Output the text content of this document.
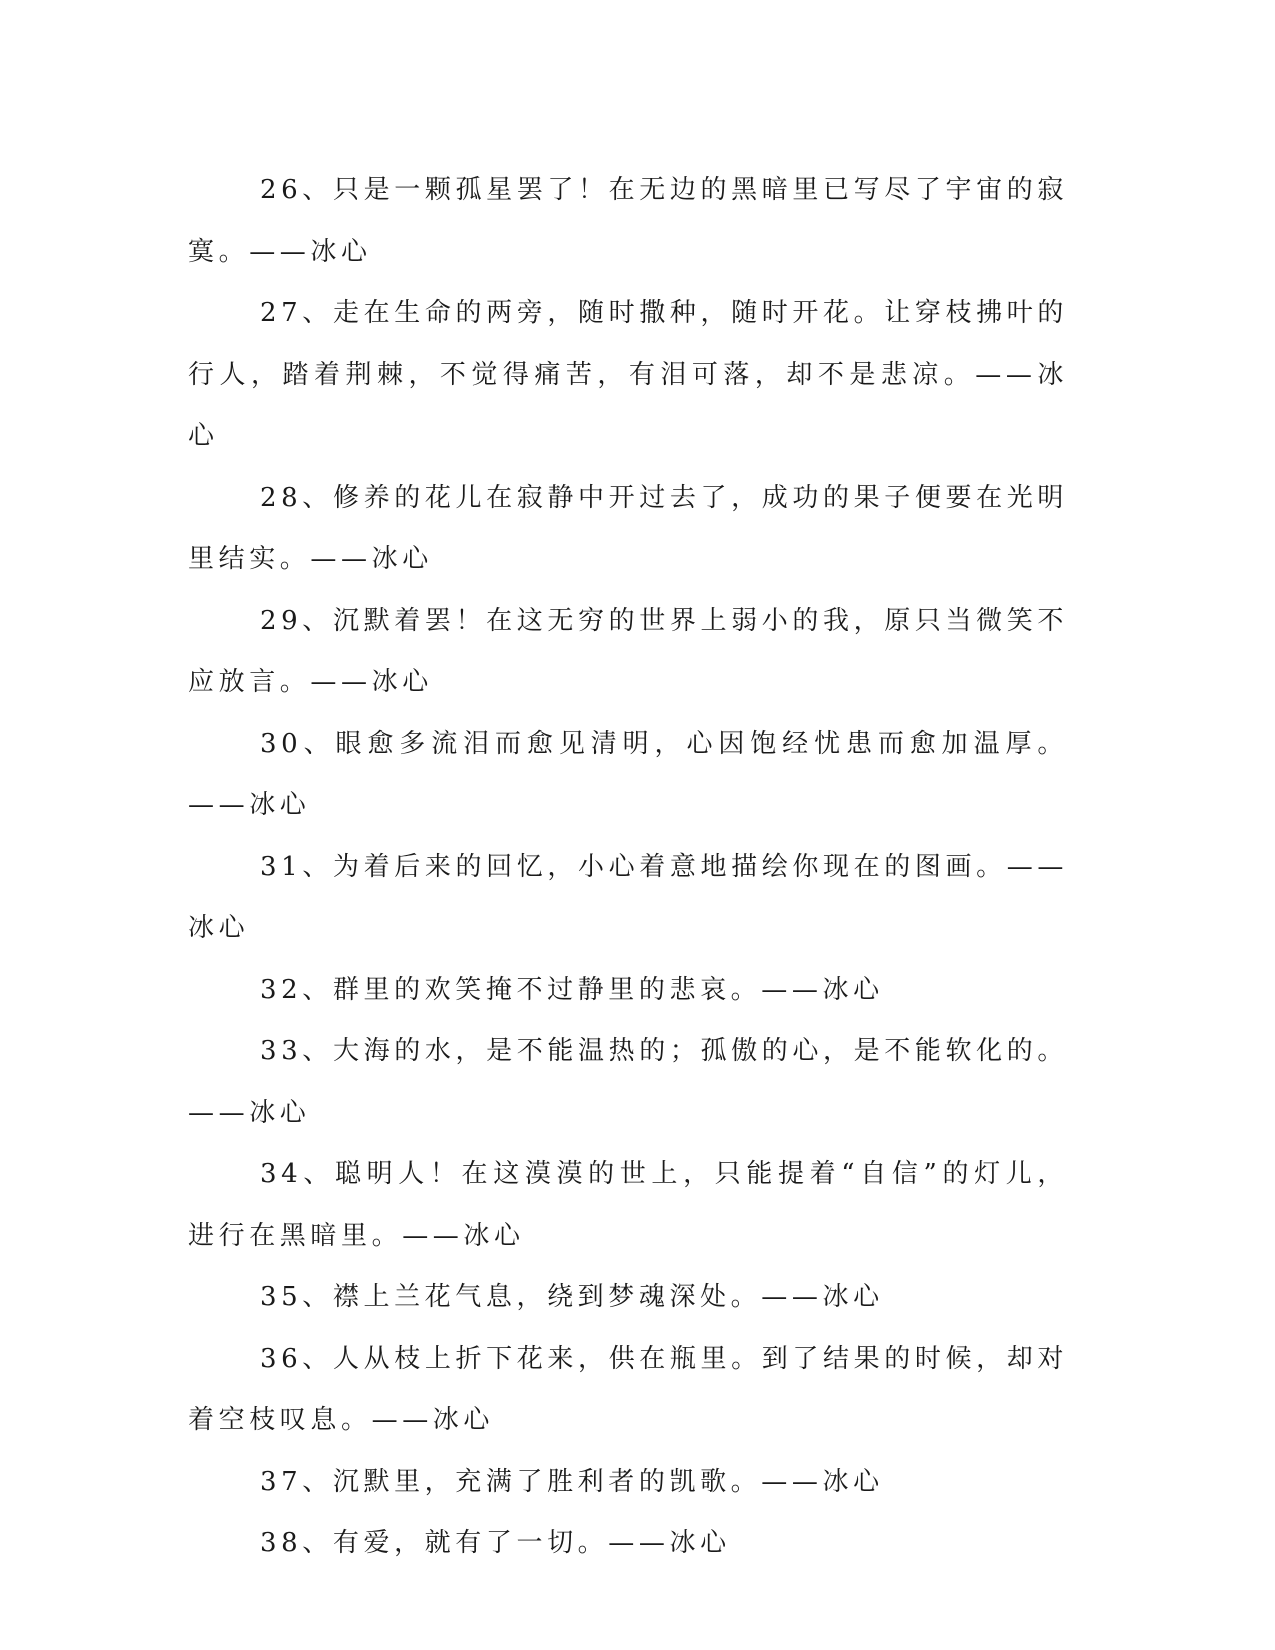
26、只是一颗孤星罢了！在无边的黑暗里已写尽了宇宙的寂寞。——冰心

27、走在生命的两旁，随时撒种，随时开花。让穿枝拂叶的行人，踏着荆棘，不觉得痛苦，有泪可落，却不是悲凉。——冰心

28、修养的花儿在寂静中开过去了，成功的果子便要在光明里结实。——冰心

29、沉默着罢！在这无穷的世界上弱小的我，原只当微笑不应放言。——冰心

30、眼愈多流泪而愈见清明，心因饱经忧患而愈加温厚。——冰心

31、为着后来的回忆，小心着意地描绘你现在的图画。——冰心

32、群里的欢笑掩不过静里的悲哀。——冰心

33、大海的水，是不能温热的；孤傲的心，是不能软化的。——冰心

34、聪明人！在这漠漠的世上，只能提着“自信”的灯儿，进行在黑暗里。——冰心

35、襟上兰花气息，绕到梦魂深处。——冰心

36、人从枝上折下花来，供在瓶里。到了结果的时候，却对着空枝叹息。——冰心

37、沉默里，充满了胜利者的凯歌。——冰心

38、有爱，就有了一切。——冰心
